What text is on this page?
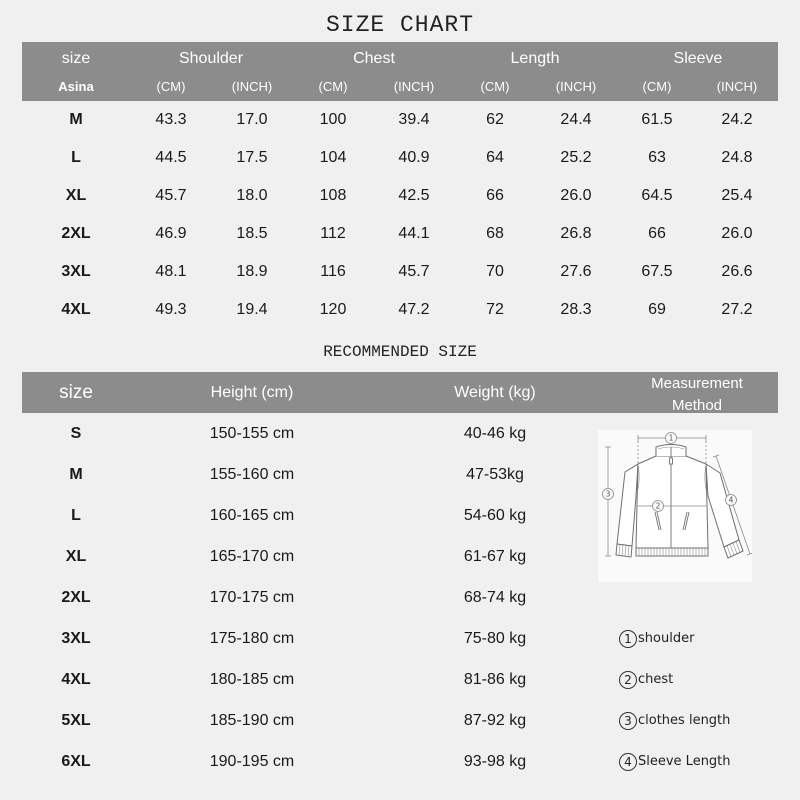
SIZE CHART
size	Shoulder	Chest	Length	Sleeve
Asina	(CM)	(INCH)	(CM)	(INCH)	(CM)	(INCH)	(CM)	(INCH)
M	43.3	17.0	100	39.4	62	24.4	61.5	24.2
L	44.5	17.5	104	40.9	64	25.2	63	24.8
XL	45.7	18.0	108	42.5	66	26.0	64.5	25.4
2XL	46.9	18.5	112	44.1	68	26.8	66	26.0
3XL	48.1	18.9	116	45.7	70	27.6	67.5	26.6
4XL	49.3	19.4	120	47.2	72	28.3	69	27.2
RECOMMENDED SIZE
size	Height (cm)	Weight (kg)
Measurement Method
S	150-155 cm	40-46 kg
M	155-160 cm	47-53kg
L	160-165 cm	54-60 kg
XL	165-170 cm	61-67 kg
2XL	170-175 cm	68-74 kg
3XL	175-180 cm	75-80 kg
4XL	180-185 cm	81-86 kg
5XL	185-190 cm	87-92 kg
6XL	190-195 cm	93-98 kg
1
2
3
4
1 shoulder
2 chest
3 clothes length
4 Sleeve Length
